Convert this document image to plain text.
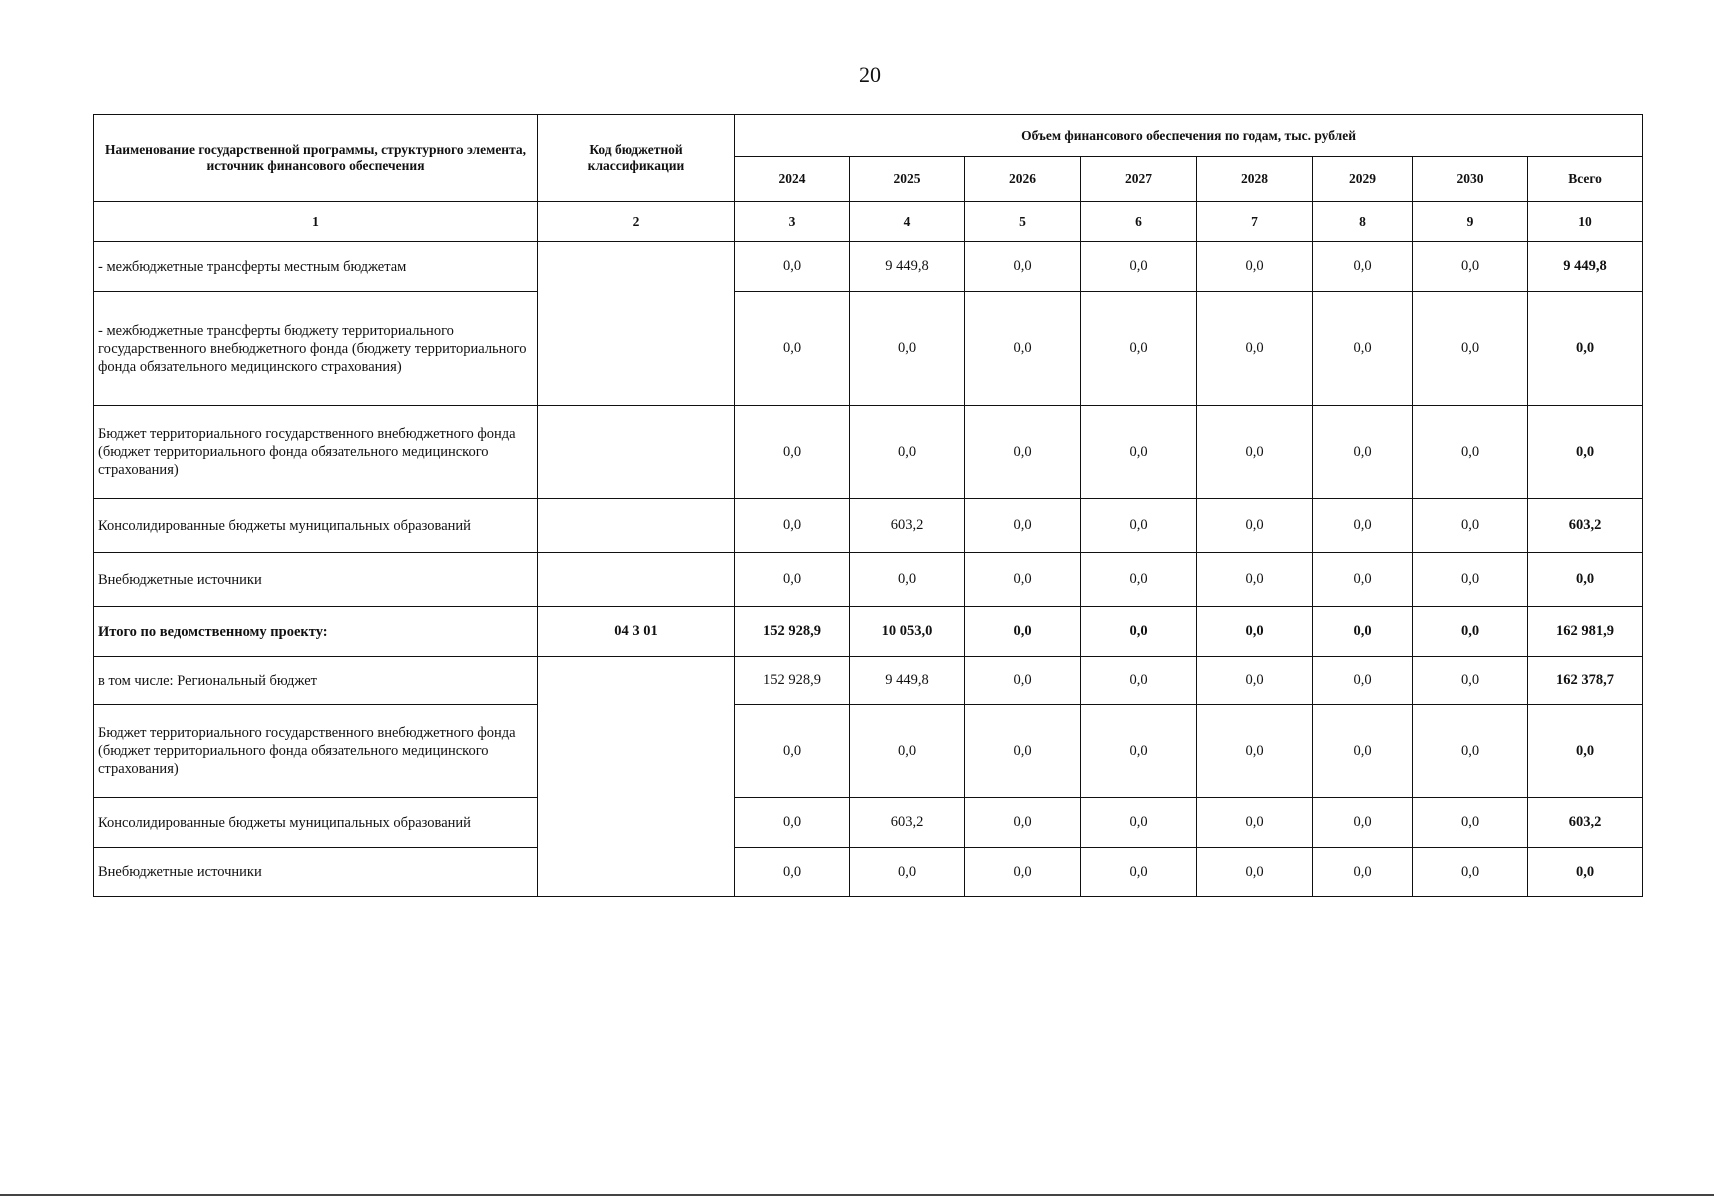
20
Наименование государственной программы, структурного элемента, источник финансового обеспечения	Код бюджетной классификации	Объем финансового обеспечения по годам, тыс. рублей							
		2024	2025	2026	2027	2028	2029	2030	Всего
1	2	3	4	5	6	7	8	9	10
- межбюджетные трансферты местным бюджетам		0,0	9 449,8	0,0	0,0	0,0	0,0	0,0	9 449,8
- межбюджетные трансферты бюджету территориального государственного внебюджетного фонда (бюджету территориального фонда обязательного медицинского страхования)		0,0	0,0	0,0	0,0	0,0	0,0	0,0	0,0
Бюджет территориального государственного внебюджетного фонда (бюджет территориального фонда обязательного медицинского страхования)		0,0	0,0	0,0	0,0	0,0	0,0	0,0	0,0
Консолидированные бюджеты муниципальных образований		0,0	603,2	0,0	0,0	0,0	0,0	0,0	603,2
Внебюджетные источники		0,0	0,0	0,0	0,0	0,0	0,0	0,0	0,0
Итого по ведомственному проекту:	04 3 01	152 928,9	10 053,0	0,0	0,0	0,0	0,0	0,0	162 981,9
в том числе: Региональный бюджет		152 928,9	9 449,8	0,0	0,0	0,0	0,0	0,0	162 378,7
Бюджет территориального государственного внебюджетного фонда (бюджет территориального фонда обязательного медицинского страхования)		0,0	0,0	0,0	0,0	0,0	0,0	0,0	0,0
Консолидированные бюджеты муниципальных образований		0,0	603,2	0,0	0,0	0,0	0,0	0,0	603,2
Внебюджетные источники		0,0	0,0	0,0	0,0	0,0	0,0	0,0	0,0
